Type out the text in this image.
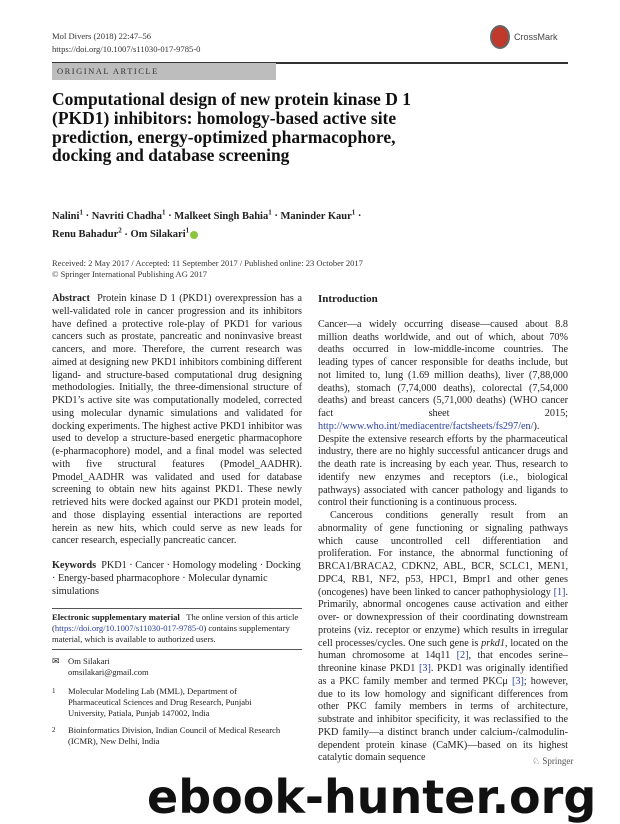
Mol Divers (2018) 22:47–56
https://doi.org/10.1007/s11030-017-9785-0
CrossMark
ORIGINAL ARTICLE
Computational design of new protein kinase D 1 (PKD1) inhibitors: homology-based active site prediction, energy-optimized pharmacophore, docking and database screening
Nalini$^1$ · Navriti Chadha$^1$ · Malkeet Singh Bahia$^1$ · Maninder Kaur$^1$ ·
Renu Bahadur$^2$ · Om Silakari$^1$
Received: 2 May 2017 / Accepted: 11 September 2017 / Published online: 23 October 2017
© Springer International Publishing AG 2017

Abstract Protein kinase D 1 (PKD1) overexpression has a well-validated role in cancer progression and its inhibitors have defined a protective role-play of PKD1 for various cancers such as prostate, pancreatic and noninvasive breast cancers, and more. Therefore, the current research was aimed at designing new PKD1 inhibitors combining different ligand- and structure-based computational drug designing methodologies. Initially, the three-dimensional structure of PKD1’s active site was computationally modeled, corrected using molecular dynamic simulations and validated for docking experiments. The highest active PKD1 inhibitor was used to develop a structure-based energetic pharmacophore (e-pharmacophore) model, and a final model was selected with five structural features (Pmodel_AADHR). Pmodel_AADHR was validated and used for database screening to obtain new hits against PKD1. These newly retrieved hits were docked against our PKD1 protein model, and those displaying essential interactions are reported herein as new hits, which could serve as new leads for cancer research, especially pancreatic cancer.

Keywords PKD1 · Cancer · Homology modeling · Docking · Energy-based pharmacophore · Molecular dynamic simulations

Electronic supplementary material The online version of this article (https://doi.org/10.1007/s11030-017-9785-0) contains supplementary material, which is available to authorized users.
✉ Om Silakari
omsilakari@gmail.com
1 Molecular Modeling Lab (MML), Department of Pharmaceutical Sciences and Drug Research, Punjabi University, Patiala, Punjab 147002, India
2 Bioinformatics Division, Indian Council of Medical Research (ICMR), New Delhi, India

Introduction

Cancer—a widely occurring disease—caused about 8.8 million deaths worldwide, and out of which, about 70% deaths occurred in low-middle-income countries. The leading types of cancer responsible for deaths include, but not limited to, lung (1.69 million deaths), liver (7,88,000 deaths), stomach (7,74,000 deaths), colorectal (7,54,000 deaths) and breast cancers (5,71,000 deaths) (WHO cancer fact sheet 2015; http://www.who.int/mediacentre/factsheets/fs297/en/). Despite the extensive research efforts by the pharmaceutical industry, there are no highly successful anticancer drugs and the death rate is increasing by each year. Thus, research to identify new enzymes and receptors (i.e., biological pathways) associated with cancer pathology and ligands to control their functioning is a continuous process.

Cancerous conditions generally result from an abnormality of gene functioning or signaling pathways which cause uncontrolled cell differentiation and proliferation. For instance, the abnormal functioning of BRCA1/BRACA2, CDKN2, ABL, BCR, SCLC1, MEN1, DPC4, RB1, NF2, p53, HPC1, Bmpr1 and other genes (oncogenes) have been linked to cancer pathophysiology [1]. Primarily, abnormal oncogenes cause activation and either over- or downexpression of their coordinating downstream proteins (viz. receptor or enzyme) which results in irregular cell processes/cycles. One such gene is prkd1, located on the human chromosome at 14q11 [2], that encodes serine–threonine kinase PKD1 [3]. PKD1 was originally identified as a PKC family member and termed PKCμ [3]; however, due to its low homology and significant differences from other PKC family members in terms of architecture, substrate and inhibitor specificity, it was reclassified to the PKD family—a distinct branch under calcium-/calmodulin-dependent protein kinase (CaMK)—based on its highest catalytic domain sequence	♘ Springer
ebook-hunter.org
